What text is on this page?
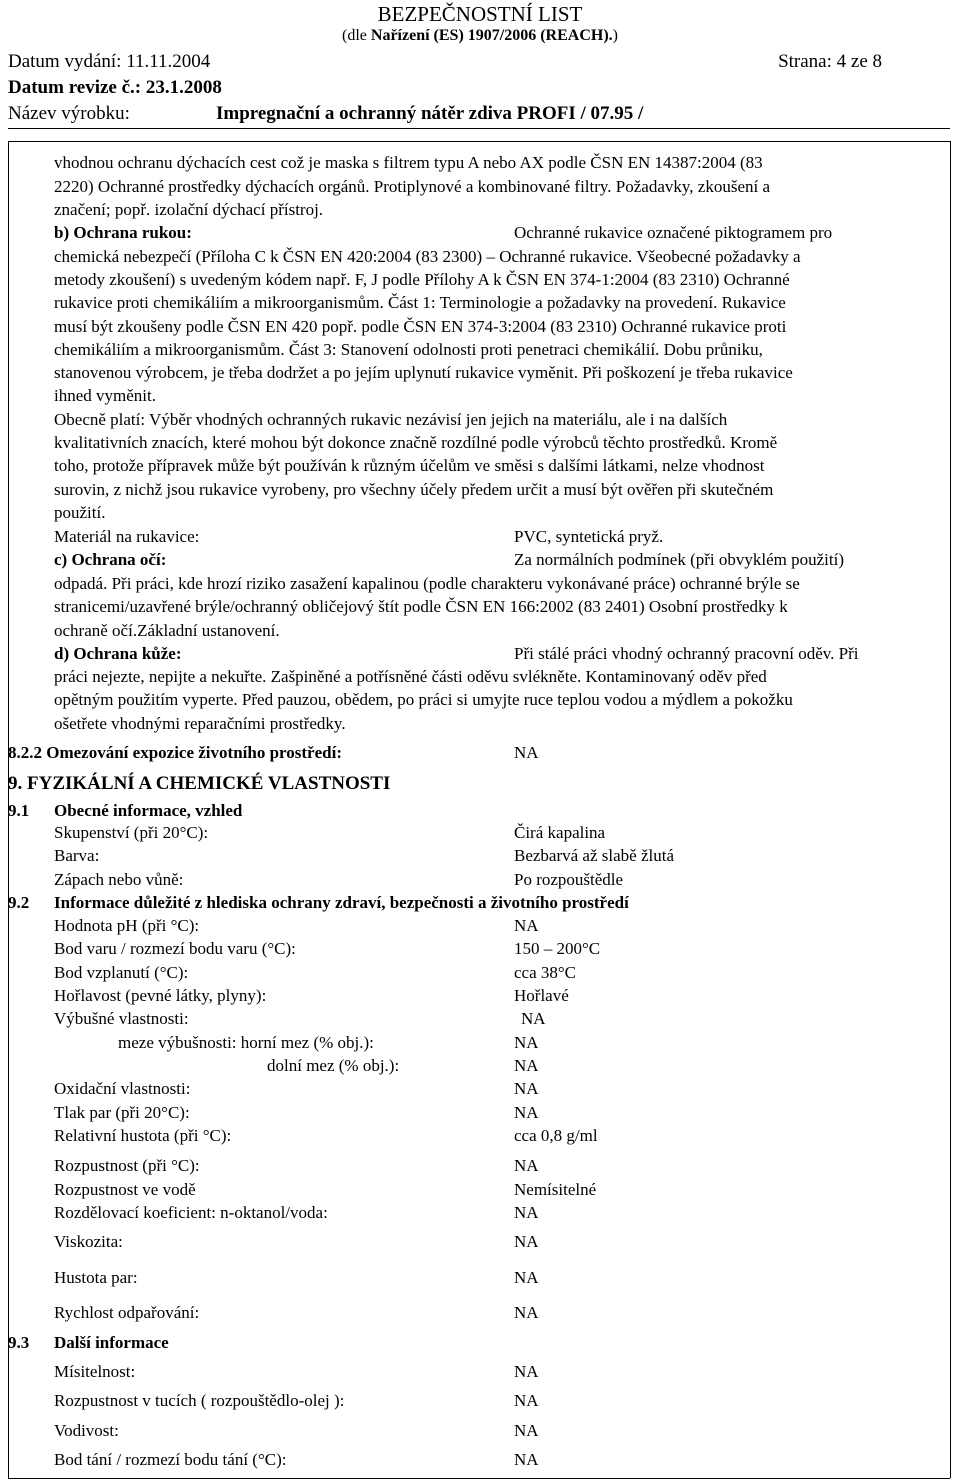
BEZPEČNOSTNÍ LIST
(dle Nařízení (ES) 1907/2006 (REACH).)
Datum vydání: 11.11.2004	Strana: 4 ze 8
Datum revize č.: 23.1.2008
Název výrobku:	Impregnační a ochranný nátěr zdiva PROFI / 07.95 /
vhodnou ochranu dýchacích cest což je maska s filtrem typu A nebo AX podle ČSN EN 14387:2004 (83
2220) Ochranné prostředky dýchacích orgánů. Protiplynové a kombinované filtry. Požadavky, zkoušení a
značení; popř. izolační dýchací přístroj.
b) Ochrana rukou:	Ochranné rukavice označené piktogramem pro
chemická nebezpečí (Příloha C k ČSN EN 420:2004 (83 2300) – Ochranné rukavice. Všeobecné požadavky a
metody zkoušení) s uvedeným kódem např. F, J podle Přílohy A k ČSN EN 374-1:2004 (83 2310) Ochranné
rukavice proti chemikáliím a mikroorganismům. Část 1: Terminologie a požadavky na provedení. Rukavice
musí být zkoušeny podle ČSN EN 420 popř. podle ČSN EN 374-3:2004 (83 2310) Ochranné rukavice proti
chemikáliím a mikroorganismům. Část 3: Stanovení odolnosti proti penetraci chemikálií. Dobu průniku,
stanovenou výrobcem, je třeba dodržet a po jejím uplynutí rukavice vyměnit. Při poškození je třeba rukavice
ihned vyměnit.
Obecně platí: Výběr vhodných ochranných rukavic nezávisí jen jejich na materiálu, ale i na dalších
kvalitativních znacích, které mohou být dokonce značně rozdílné podle výrobců těchto prostředků. Kromě
toho, protože přípravek může být používán k různým účelům ve směsi s dalšími látkami, nelze vhodnost
surovin, z nichž jsou rukavice vyrobeny, pro všechny účely předem určit a musí být ověřen při skutečném
použití.
Materiál na rukavice:	PVC, syntetická pryž.
c) Ochrana očí:	Za normálních podmínek (při obvyklém použití)
odpadá. Při práci, kde hrozí riziko zasažení kapalinou (podle charakteru vykonávané práce) ochranné brýle se
stranicemi/uzavřené brýle/ochranný obličejový štít podle ČSN EN 166:2002 (83 2401) Osobní prostředky k
ochraně očí.Základní ustanovení.
d) Ochrana kůže:	Při stálé práci vhodný ochranný pracovní oděv. Při
práci nejezte, nepijte a nekuřte. Zašpiněné a potřísněné části oděvu svlékněte. Kontaminovaný oděv před
opětným použitím vyperte. Před pauzou, obědem, po práci si umyjte ruce teplou vodou a mýdlem a pokožku
ošetřete vhodnými reparačními prostředky.
8.2.2 Omezování expozice životního prostředí:	NA
9. FYZIKÁLNÍ A CHEMICKÉ VLASTNOSTI
9.1 Obecné informace, vzhled
Skupenství (při 20°C):	Čirá kapalina
Barva:	Bezbarvá až slabě žlutá
Zápach nebo vůně:	Po rozpouštědle
9.2 Informace důležité z hlediska ochrany zdraví, bezpečnosti a životního prostředí
Hodnota pH (při °C):	NA
Bod varu / rozmezí bodu varu (°C):	150 – 200°C
Bod vzplanutí (°C):	cca 38°C
Hořlavost (pevné látky, plyny):	Hořlavé
Výbušné vlastnosti:	NA
meze výbušnosti: horní mez (% obj.):	NA
dolní mez (% obj.):	NA
Oxidační vlastnosti:	NA
Tlak par (při 20°C):	NA
Relativní hustota (při °C):	cca 0,8 g/ml
Rozpustnost (při °C):	NA
Rozpustnost ve vodě	Nemísitelné
Rozdělovací koeficient: n-oktanol/voda:	NA
Viskozita:	NA
Hustota par:	NA
Rychlost odpařování:	NA
9.3 Další informace
Mísitelnost:	NA
Rozpustnost v tucích ( rozpouštědlo-olej ):	NA
Vodivost:	NA
Bod tání / rozmezí bodu tání (°C):	NA
